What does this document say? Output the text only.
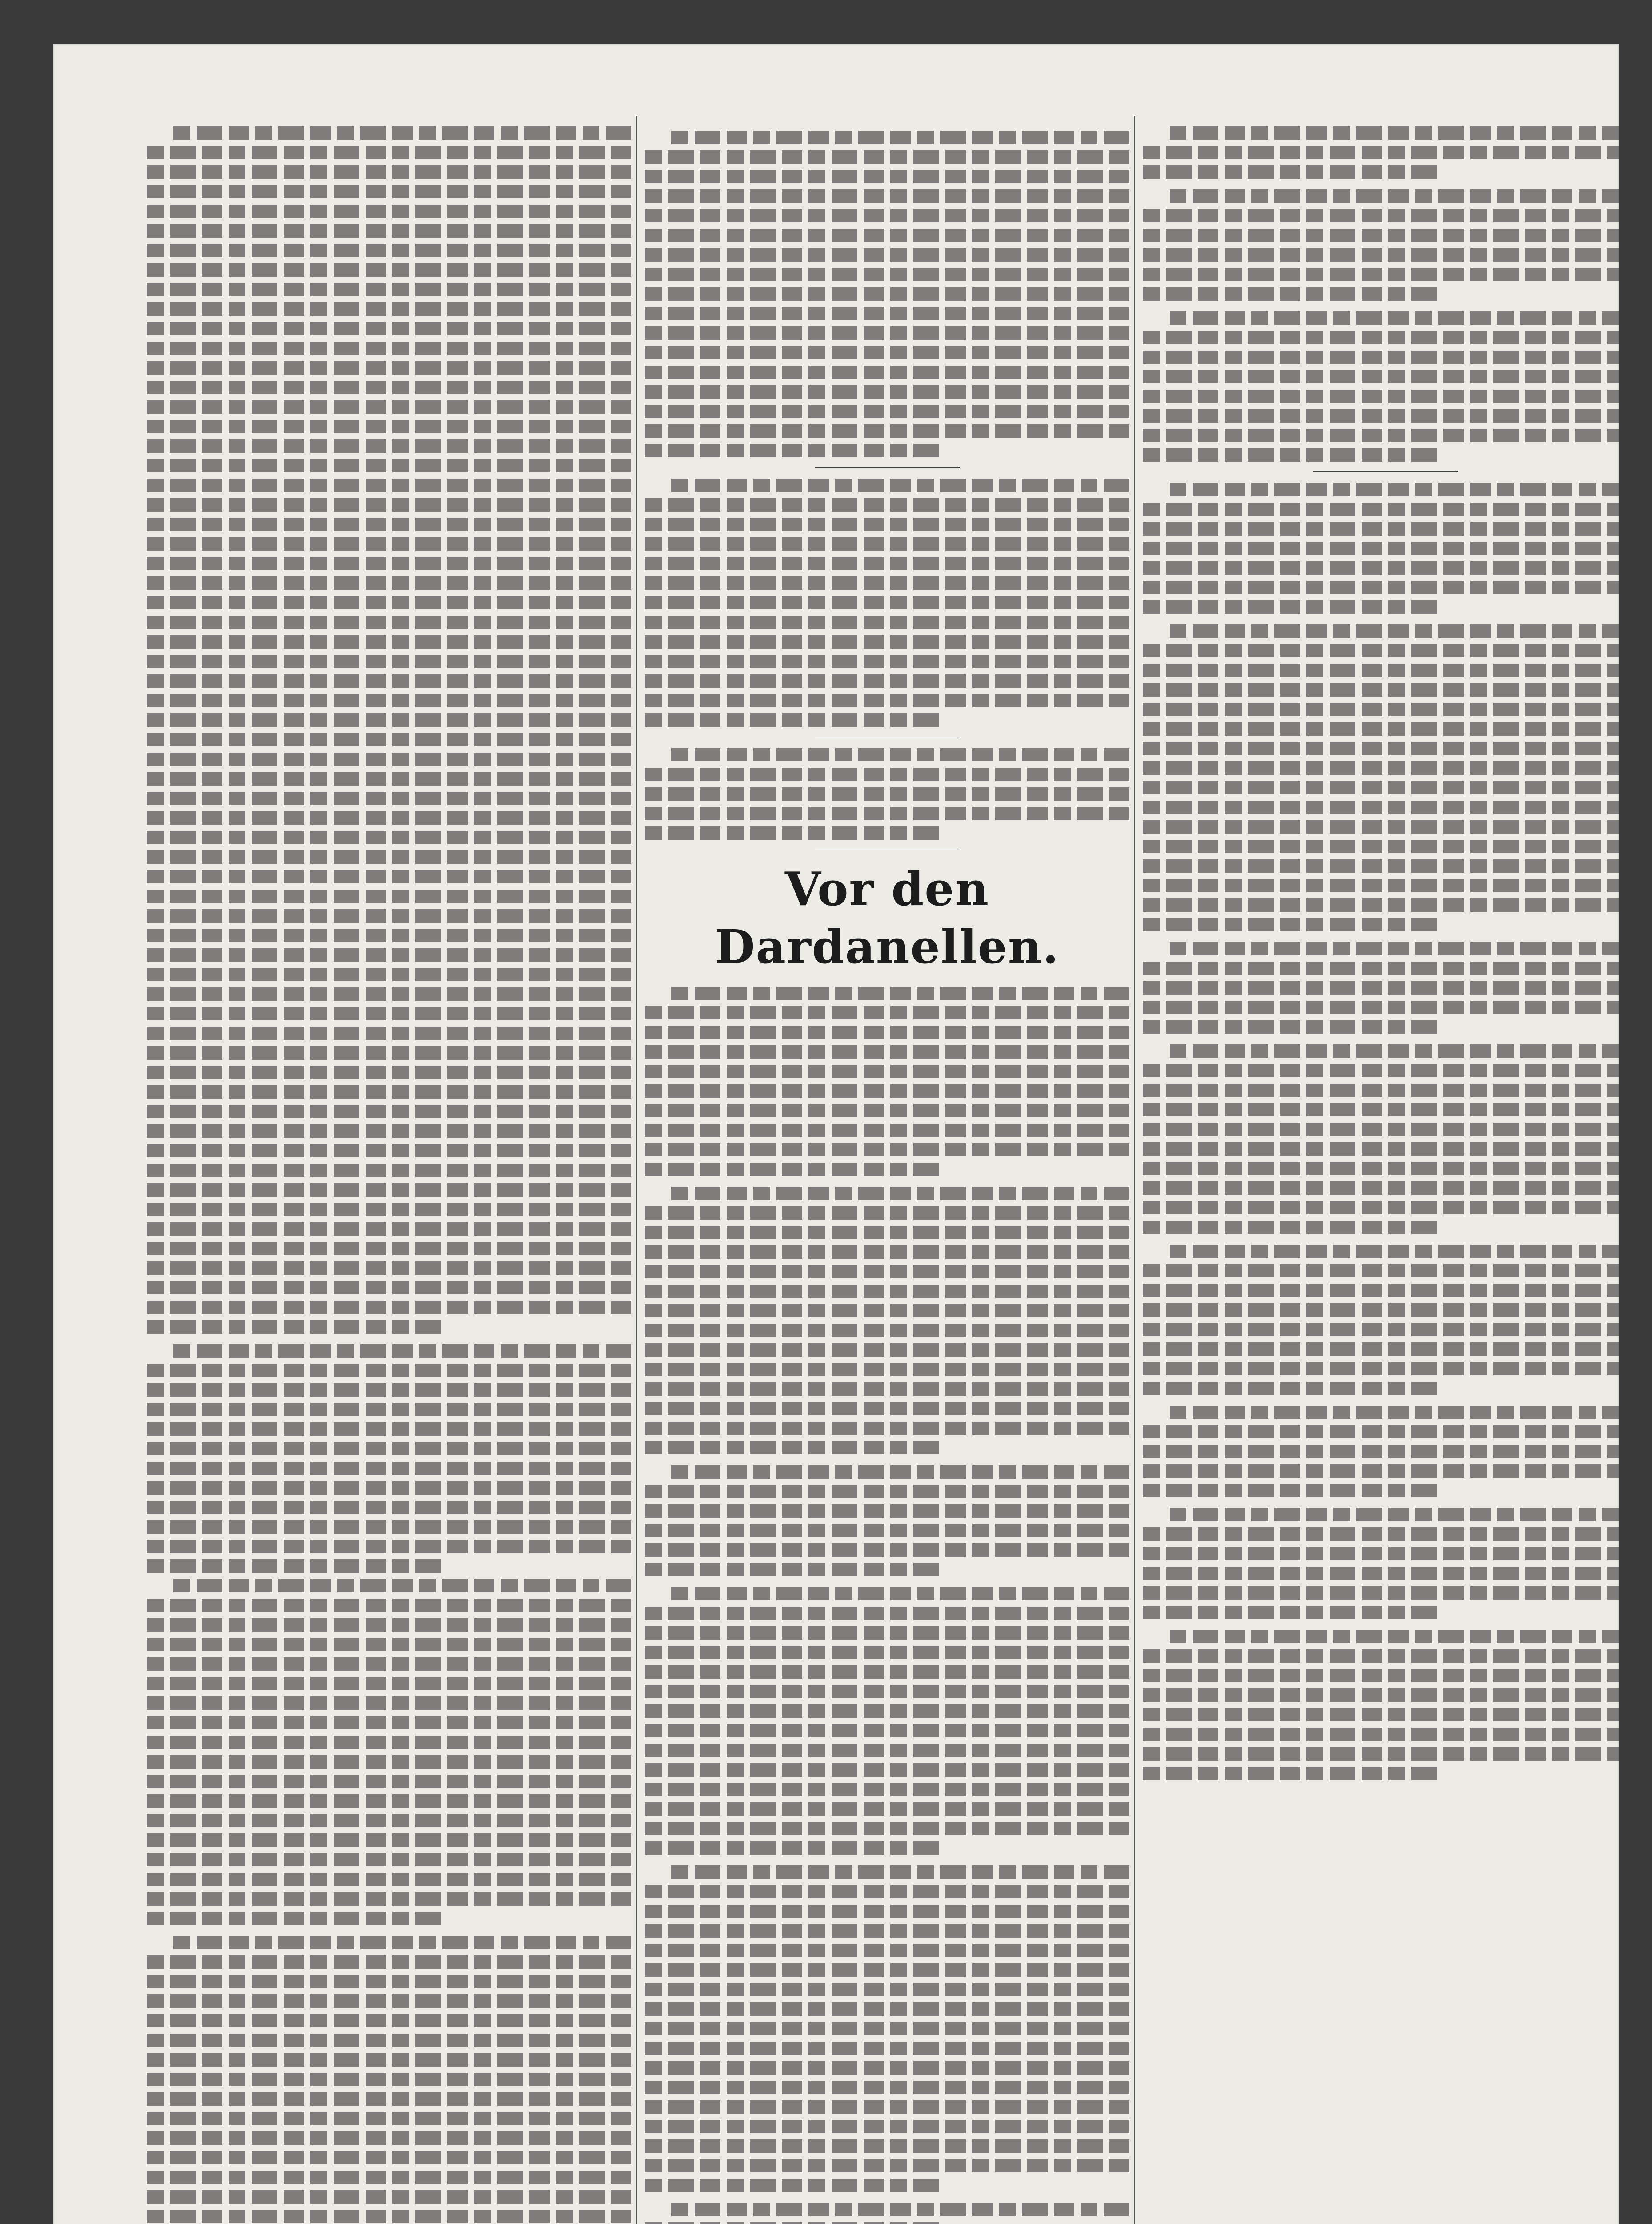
Vor den Dardanellen.
